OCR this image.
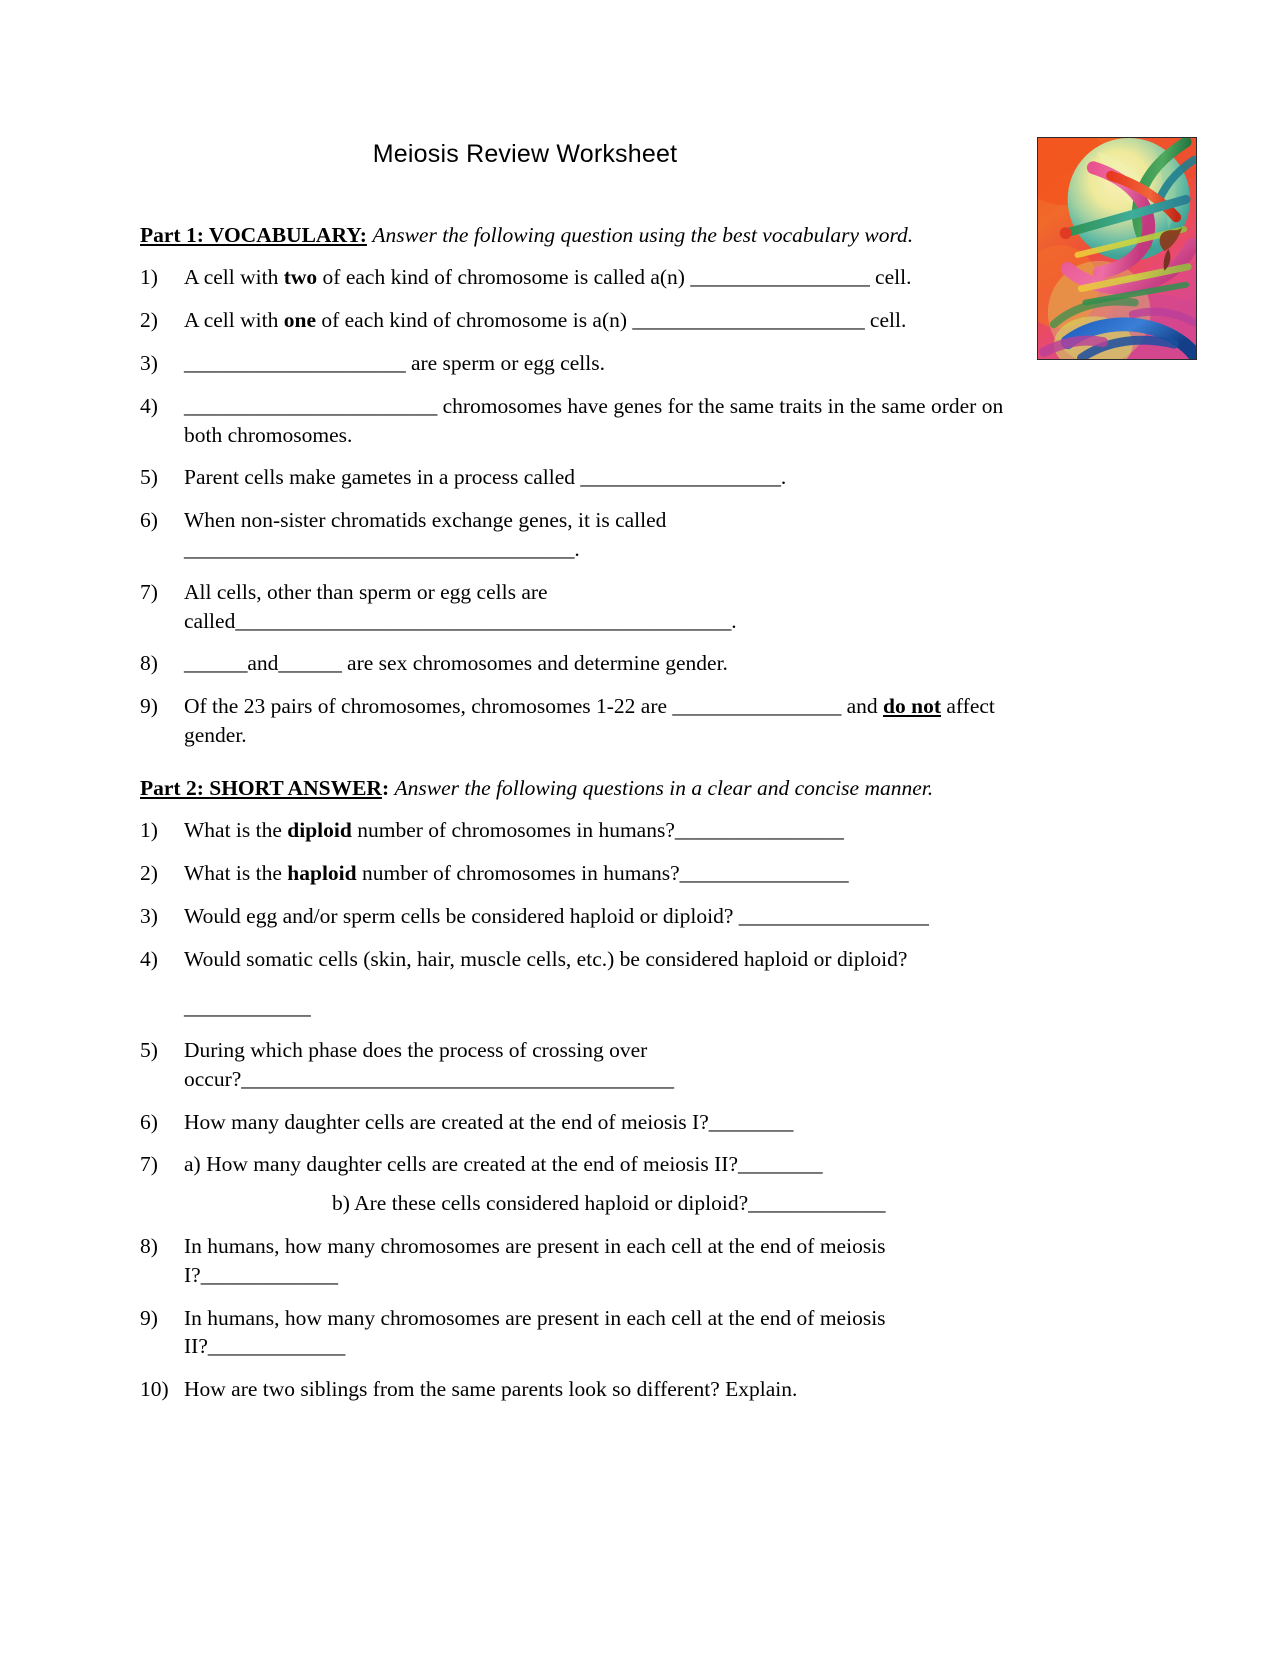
Meiosis Review Worksheet
Part 1: VOCABULARY: Answer the following question using the best vocabulary word.
1)	A cell with two of each kind of chromosome is called a(n) _________________ cell.
2)	A cell with one of each kind of chromosome is a(n) ______________________ cell.
3)	_____________________ are sperm or egg cells.
4)	________________________ chromosomes have genes for the same traits in the same order on both chromosomes.
5)	Parent cells make gametes in a process called ___________________.
6)	When non-sister chromatids exchange genes, it is called
_____________________________________.
7)	All cells, other than sperm or egg cells are
called_______________________________________________.
8)	______and______ are sex chromosomes and determine gender.
9)	Of the 23 pairs of chromosomes, chromosomes 1-22 are ________________ and do not affect gender.
Part 2: SHORT ANSWER: Answer the following questions in a clear and concise manner.
1)	What is the diploid number of chromosomes in humans?________________
2)	What is the haploid number of chromosomes in humans?________________
3)	Would egg and/or sperm cells be considered haploid or diploid? __________________
4)	Would somatic cells (skin, hair, muscle cells, etc.) be considered haploid or diploid?
____________
5)	During which phase does the process of crossing over
occur?_________________________________________
6)	How many daughter cells are created at the end of meiosis I?________
7)	a) How many daughter cells are created at the end of meiosis II?________
b) Are these cells considered haploid or diploid?_____________
8)	In humans, how many chromosomes are present in each cell at the end of meiosis
I?_____________
9)	In humans, how many chromosomes are present in each cell at the end of meiosis
II?_____________
10) How are two siblings from the same parents look so different? Explain.
